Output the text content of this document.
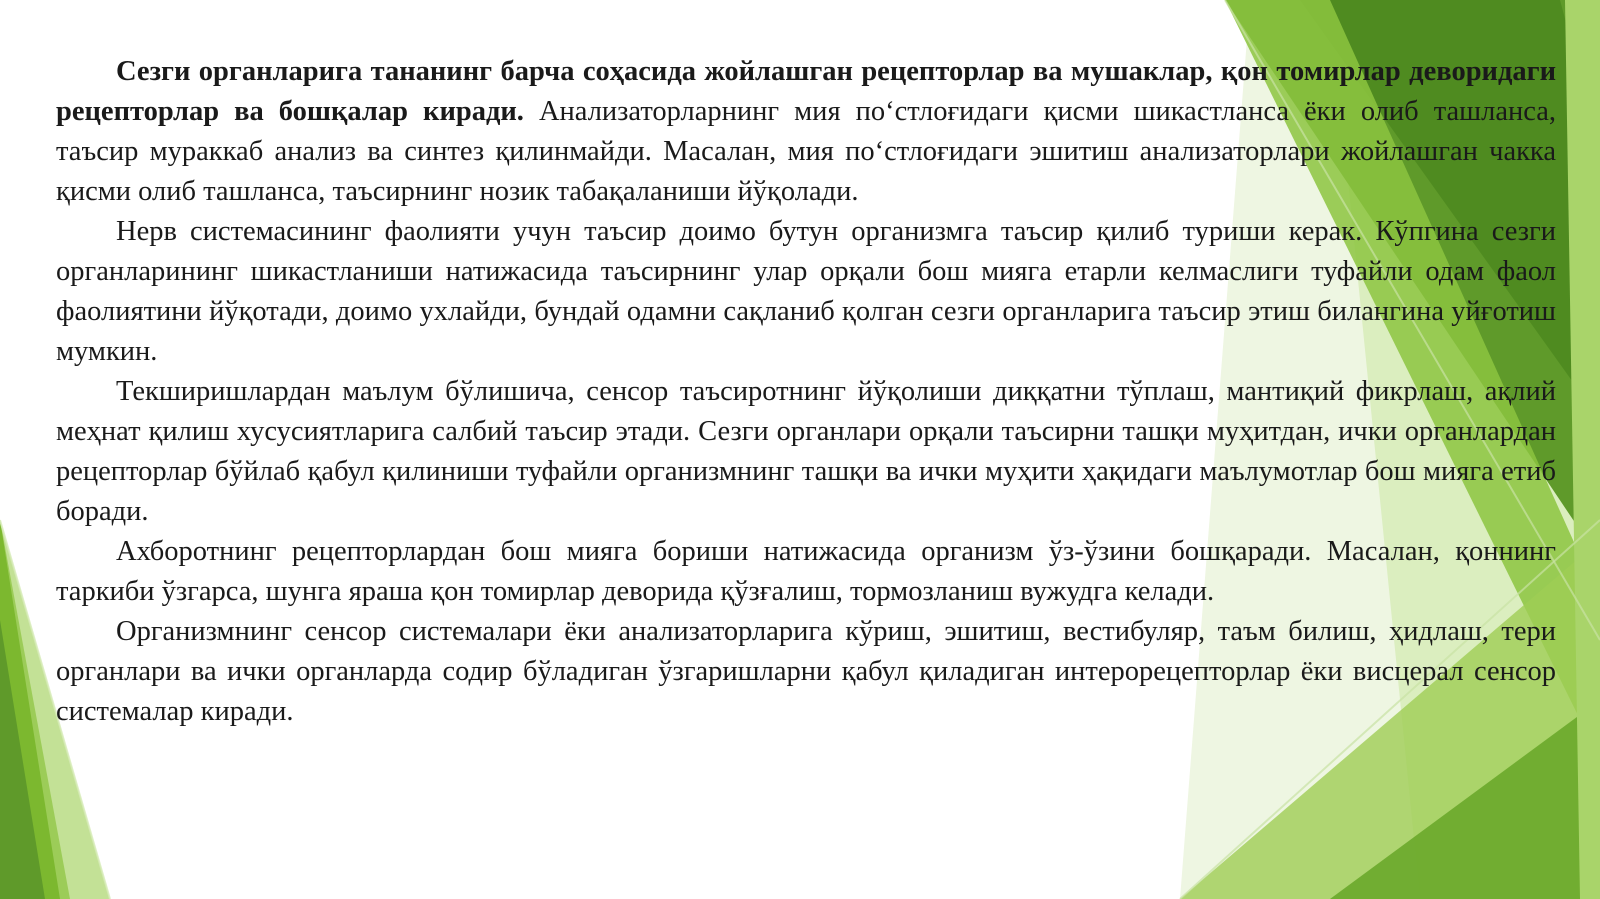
Сезги органларига тананинг барча соҳасида жойлашган рецепторлар ва мушаклар, қон томирлар деворидаги рецепторлар ва бошқалар киради. Анализаторларнинг мия по‘стлоғидаги қисми шикастланса ёки олиб ташланса, таъсир мураккаб анализ ва синтез қилинмайди. Масалан, мия по‘стлоғидаги эшитиш анализаторлари жойлашган чакка қисми олиб ташланса, таъсирнинг нозик табақаланиши йўқолади.

Нерв системасининг фаолияти учун таъсир доимо бутун организмга таъсир қилиб туриши керак. Кўпгина сезги органларининг шикастланиши натижасида таъсирнинг улар орқали бош мияга етарли келмаслиги туфайли одам фаол фаолиятини йўқотади, доимо ухлайди, бундай одамни сақланиб қолган сезги органларига таъсир этиш билангина уйғотиш мумкин.

Текширишлардан маълум бўлишича, сенсор таъсиротнинг йўқолиши диққатни тўплаш, мантиқий фикрлаш, ақлий меҳнат қилиш хусусиятларига салбий таъсир этади. Сезги органлари орқали таъсирни ташқи муҳитдан, ички органлардан рецепторлар бўйлаб қабул қилиниши туфайли организмнинг ташқи ва ички муҳити ҳақидаги маълумотлар бош мияга етиб боради.

Ахборотнинг рецепторлардан бош мияга бориши натижасида организм ўз-ўзини бошқаради. Масалан, қоннинг таркиби ўзгарса, шунга яраша қон томирлар деворида қўзғалиш, тормозланиш вужудга келади.

Организмнинг сенсор системалари ёки анализаторларига кўриш, эшитиш, вестибуляр, таъм билиш, ҳидлаш, тери органлари ва ички органларда содир бўладиган ўзгаришларни қабул қиладиган интерорецепторлар ёки висцерал сенсор системалар киради.
